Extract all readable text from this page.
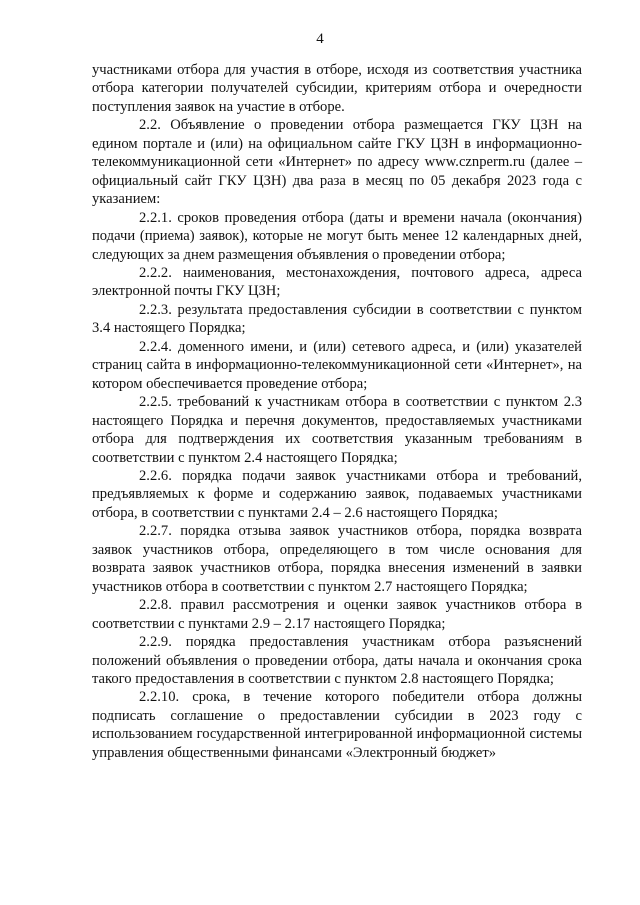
4

участниками отбора для участия в отборе, исходя из соответствия участника отбора категории получателей субсидии, критериям отбора и очередности поступления заявок на участие в отборе.

2.2. Объявление о проведении отбора размещается ГКУ ЦЗН на едином портале и (или) на официальном сайте ГКУ ЦЗН в информационно-телекоммуникационной сети «Интернет» по адресу www.cznperm.ru (далее – официальный сайт ГКУ ЦЗН) два раза в месяц по 05 декабря 2023 года с указанием:

2.2.1. сроков проведения отбора (даты и времени начала (окончания) подачи (приема) заявок), которые не могут быть менее 12 календарных дней, следующих за днем размещения объявления о проведении отбора;

2.2.2. наименования, местонахождения, почтового адреса, адреса электронной почты ГКУ ЦЗН;

2.2.3. результата предоставления субсидии в соответствии с пунктом 3.4 настоящего Порядка;

2.2.4. доменного имени, и (или) сетевого адреса, и (или) указателей страниц сайта в информационно-телекоммуникационной сети «Интернет», на котором обеспечивается проведение отбора;

2.2.5. требований к участникам отбора в соответствии с пунктом 2.3 настоящего Порядка и перечня документов, предоставляемых участниками отбора для подтверждения их соответствия указанным требованиям в соответствии с пунктом 2.4 настоящего Порядка;

2.2.6. порядка подачи заявок участниками отбора и требований, предъявляемых к форме и содержанию заявок, подаваемых участниками отбора, в соответствии с пунктами 2.4 – 2.6 настоящего Порядка;

2.2.7. порядка отзыва заявок участников отбора, порядка возврата заявок участников отбора, определяющего в том числе основания для возврата заявок участников отбора, порядка внесения изменений в заявки участников отбора в соответствии с пунктом 2.7 настоящего Порядка;

2.2.8. правил рассмотрения и оценки заявок участников отбора в соответствии с пунктами 2.9 – 2.17 настоящего Порядка;

2.2.9. порядка предоставления участникам отбора разъяснений положений объявления о проведении отбора, даты начала и окончания срока такого предоставления в соответствии с пунктом 2.8 настоящего Порядка;

2.2.10. срока, в течение которого победители отбора должны подписать соглашение о предоставлении субсидии в 2023 году с использованием государственной интегрированной информационной системы управления общественными финансами «Электронный бюджет»
